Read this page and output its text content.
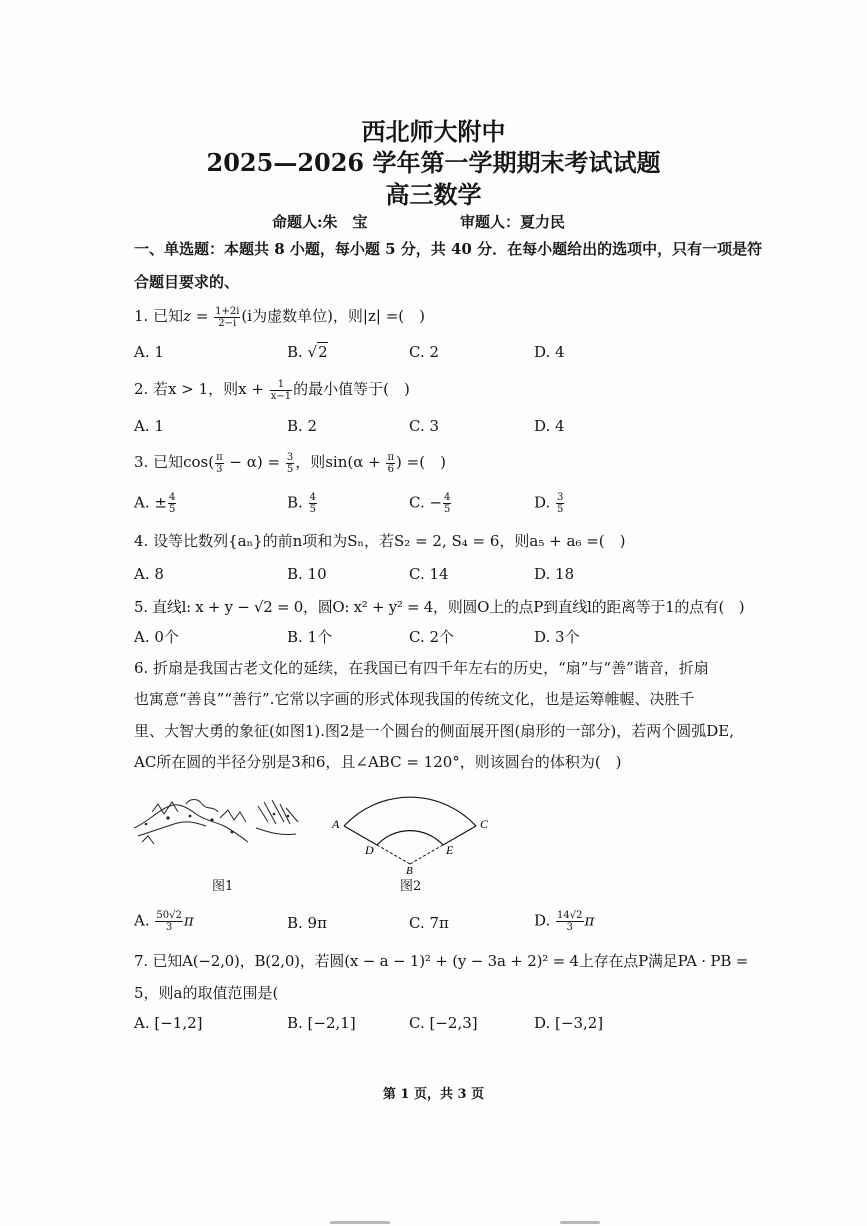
西北师大附中
2025—2026 学年第一学期期末考试试题
高三数学
命题人:朱　宝	审题人：夏力民
一、单选题：本题共 8 小题，每小题 5 分，共 40 分．在每小题给出的选项中，只有一项是符
合题目要求的、
1. 已知$z = \frac{1+2i}{2-i} (i$为虚数单位)，则|z| =(　)
A. 1	B. √2	C. 2	D. 4
2. 若x > 1，则$x + \frac{1}{x-1}$ 的最小值等于(　)
A. 1	B. 2	C. 3	D. 4
3. 已知$\cos( \frac{\pi}{3} - \alpha) = \frac{3}{5}$ ，则$\sin(\alpha + \frac{\pi}{6}$ ) =(　)
A. ± $\frac{4}{5}$	B. $\frac{4}{5}$	C. − $\frac{4}{5}$	D. $\frac{3}{5}$
4. 设等比数列{aₙ}的前n项和为Sₙ，若S₂ = 2, S₄ = 6，则a₅ + a₆ =(　)
A. 8	B. 10	C. 14	D. 18
5. 直线l: x + y − √2 = 0，圆O: x² + y² = 4，则圆O上的点P到直线l的距离等于1的点有(　)
A. 0个	B. 1个	C. 2个	D. 3个
6. 折扇是我国古老文化的延续，在我国已有四千年左右的历史，“扇”与“善”谐音，折扇
也寓意“善良”“善行”.它常以字画的形式体现我国的传统文化，也是运筹帷幄、决胜千
里、大智大勇的象征(如图1).图2是一个圆台的侧面展开图(扇形的一部分)，若两个圆弧DE,
AC所在圆的半径分别是3和6，且∠ABC = 120°，则该圆台的体积为(　)
图1
A	C
D	E
B
图2
A. $\frac{50√2}{3}$ π	B. 9π	C. 7π	D. $\frac{14√2}{3}$ π
7. 已知A(−2,0)，B(2,0)，若圆(x − a − 1)² + (y − 3a + 2)² = 4上存在点P满足PA · PB =
5，则a的取值范围是(
A. [−1,2]	B. [−2,1]	C. [−2,3]	D. [−3,2]
第 1 页，共 3 页
